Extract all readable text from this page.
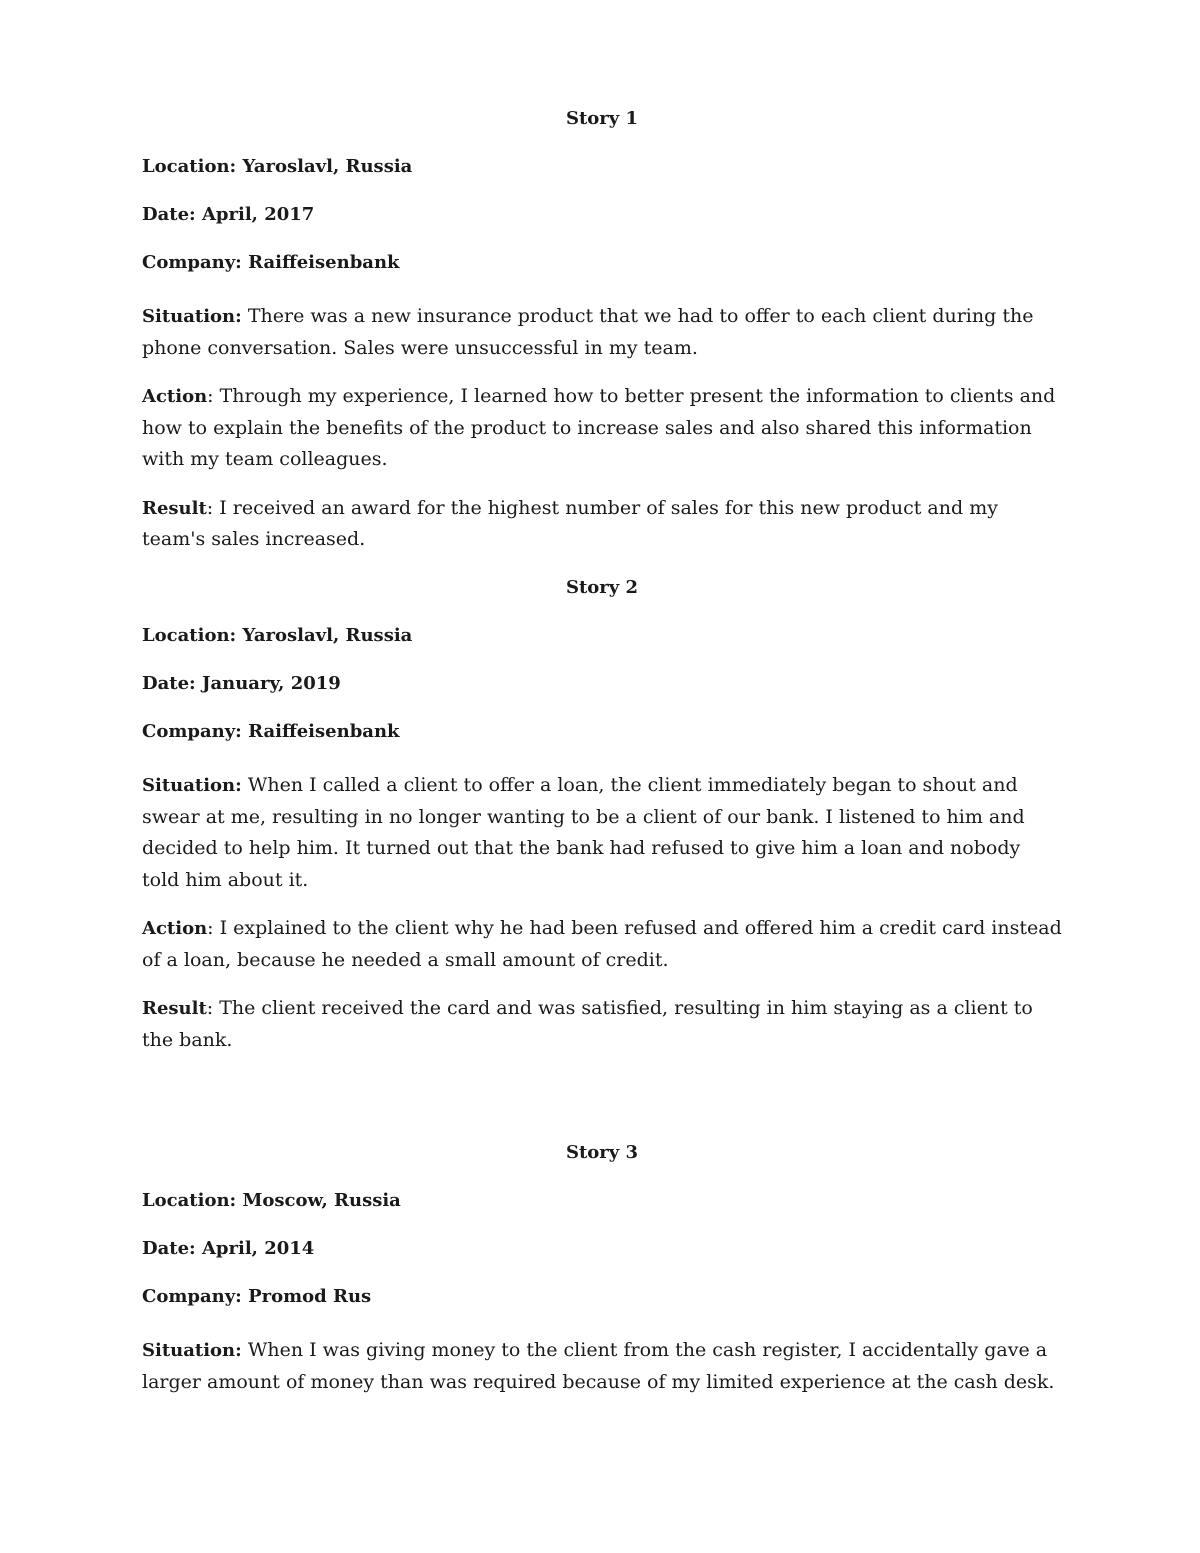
Story 1

Location: Yaroslavl, Russia

Date: April, 2017

Company: Raiffeisenbank

Situation: There was a new insurance product that we had to offer to each client during the phone conversation. Sales were unsuccessful in my team.

Action: Through my experience, I learned how to better present the information to clients and how to explain the benefits of the product to increase sales and also shared this information with my team colleagues.

Result: I received an award for the highest number of sales for this new product and my team's sales increased.

Story 2

Location: Yaroslavl, Russia

Date: January, 2019

Company: Raiffeisenbank

Situation: When I called a client to offer a loan, the client immediately began to shout and swear at me, resulting in no longer wanting to be a client of our bank. I listened to him and decided to help him. It turned out that the bank had refused to give him a loan and nobody told him about it.

Action: I explained to the client why he had been refused and offered him a credit card instead of a loan, because he needed a small amount of credit.

Result: The client received the card and was satisfied, resulting in him staying as a client to the bank.

Story 3

Location: Moscow, Russia

Date: April, 2014

Company: Promod Rus

Situation: When I was giving money to the client from the cash register, I accidentally gave a larger amount of money than was required because of my limited experience at the cash desk.
